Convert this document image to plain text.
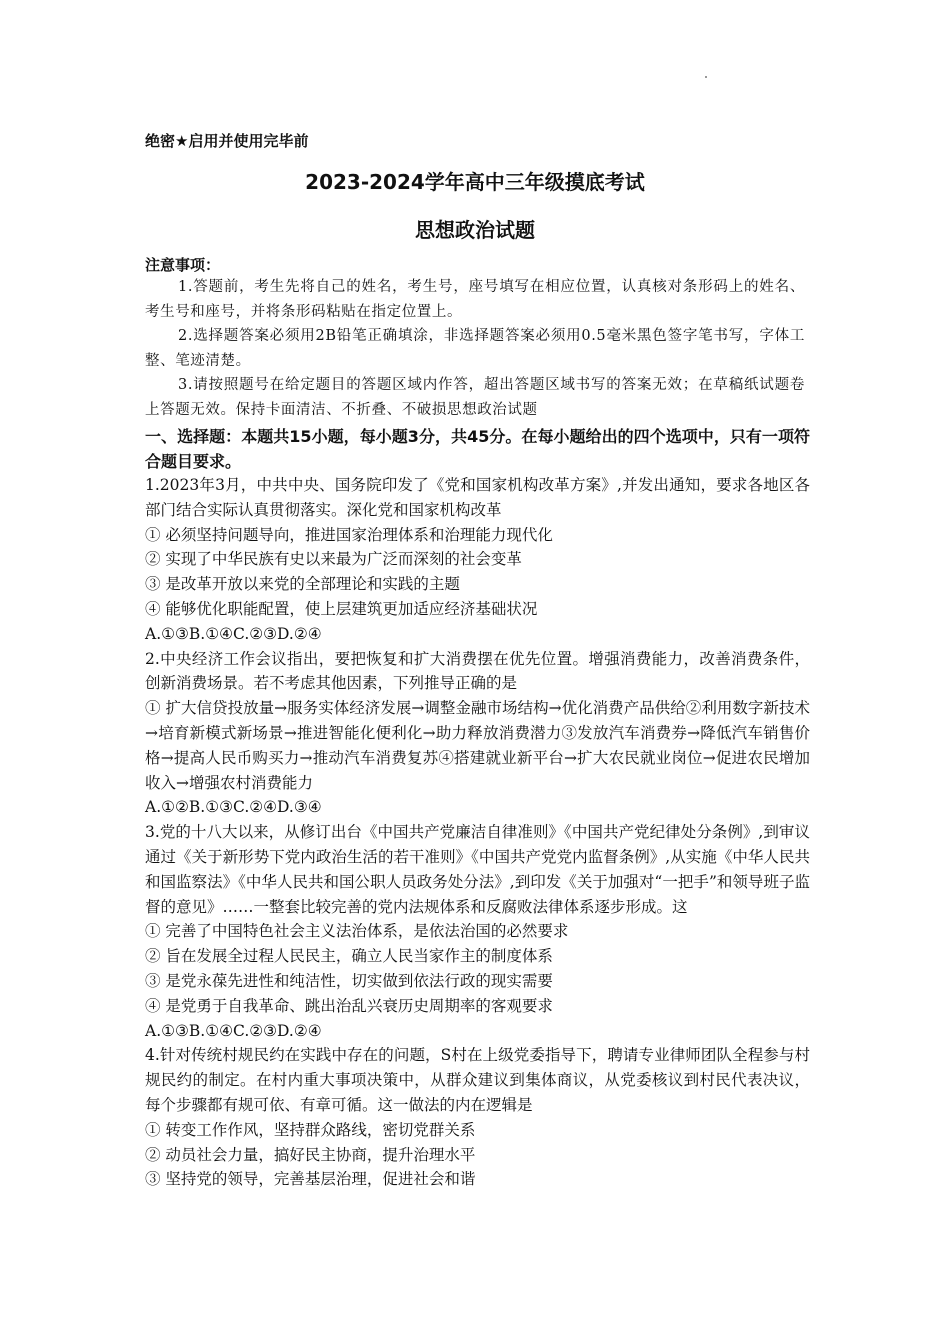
绝密★启用并使用完毕前
2023-2024学年高中三年级摸底考试
思想政治试题
注意事项：
1.答题前，考生先将自己的姓名，考生号，座号填写在相应位置，认真核对条形码上的姓名、考生号和座号，并将条形码粘贴在指定位置上。
2.选择题答案必须用2B铅笔正确填涂，非选择题答案必须用0.5毫米黑色签字笔书写，字体工整、笔迹清楚。
3.请按照题号在给定题目的答题区域内作答，超出答题区域书写的答案无效；在草稿纸试题卷上答题无效。保持卡面清洁、不折叠、不破损思想政治试题
一、选择题：本题共15小题，每小题3分，共45分。在每小题给出的四个选项中，只有一项符合题目要求。

1.2023年3月，中共中央、国务院印发了《党和国家机构改革方案》,并发出通知，要求各地区各部门结合实际认真贯彻落实。深化党和国家机构改革

① 必须坚持问题导向，推进国家治理体系和治理能力现代化

② 实现了中华民族有史以来最为广泛而深刻的社会变革

③ 是改革开放以来党的全部理论和实践的主题

④ 能够优化职能配置，使上层建筑更加适应经济基础状况

A.①③B.①④C.②③D.②④

2.中央经济工作会议指出，要把恢复和扩大消费摆在优先位置。增强消费能力，改善消费条件，创新消费场景。若不考虑其他因素，下列推导正确的是

① 扩大信贷投放量→服务实体经济发展→调整金融市场结构→优化消费产品供给②利用数字新技术→培育新模式新场景→推进智能化便利化→助力释放消费潜力③发放汽车消费券→降低汽车销售价格→提高人民币购买力→推动汽车消费复苏④搭建就业新平台→扩大农民就业岗位→促进农民增加收入→增强农村消费能力

A.①②B.①③C.②④D.③④

3.党的十八大以来，从修订出台《中国共产党廉洁自律准则》《中国共产党纪律处分条例》,到审议通过《关于新形势下党内政治生活的若干准则》《中国共产党党内监督条例》,从实施《中华人民共和国监察法》《中华人民共和国公职人员政务处分法》,到印发《关于加强对“一把手”和领导班子监督的意见》……一整套比较完善的党内法规体系和反腐败法律体系逐步形成。这

① 完善了中国特色社会主义法治体系，是依法治国的必然要求

② 旨在发展全过程人民民主，确立人民当家作主的制度体系

③ 是党永葆先进性和纯洁性，切实做到依法行政的现实需要

④ 是党勇于自我革命、跳出治乱兴衰历史周期率的客观要求

A.①③B.①④C.②③D.②④

4.针对传统村规民约在实践中存在的问题，S村在上级党委指导下，聘请专业律师团队全程参与村规民约的制定。在村内重大事项决策中，从群众建议到集体商议，从党委核议到村民代表决议，每个步骤都有规可依、有章可循。这一做法的内在逻辑是

① 转变工作作风，坚持群众路线，密切党群关系

② 动员社会力量，搞好民主协商，提升治理水平

③ 坚持党的领导，完善基层治理，促进社会和谐
